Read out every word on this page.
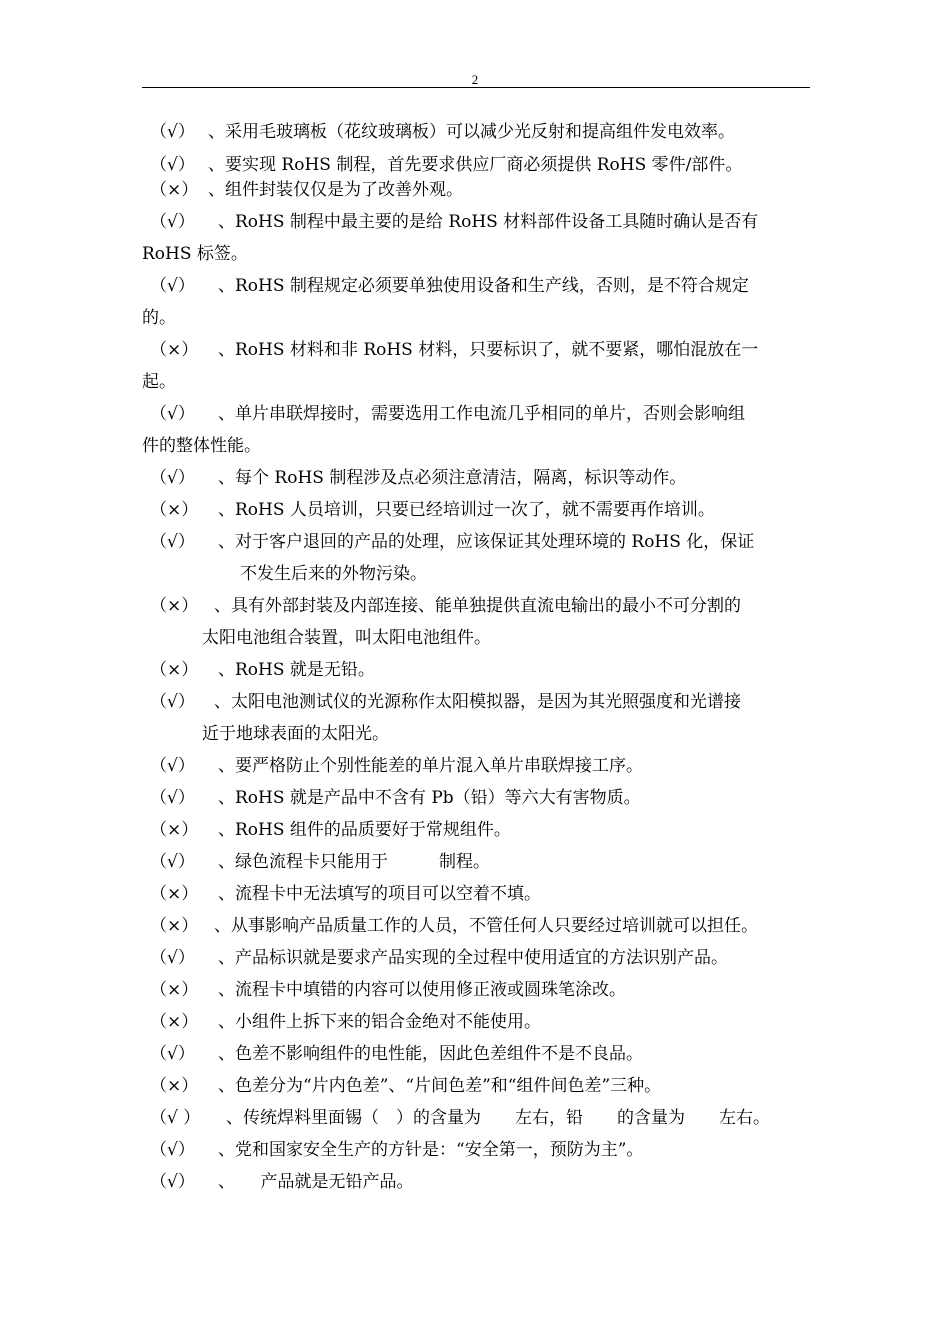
2
（√） 、采用毛玻璃板（花纹玻璃板）可以减少光反射和提高组件发电效率。
（√） 、要实现 RoHS 制程，首先要求供应厂商必须提供 RoHS 零件/部件。
（×） 、组件封装仅仅是为了改善外观。
（√） 、RoHS 制程中最主要的是给 RoHS 材料部件设备工具随时确认是否有
RoHS 标签。
（√） 、RoHS 制程规定必须要单独使用设备和生产线，否则，是不符合规定
的。
（×） 、RoHS 材料和非 RoHS 材料，只要标识了，就不要紧，哪怕混放在一
起。
（√） 、单片串联焊接时，需要选用工作电流几乎相同的单片，否则会影响组
件的整体性能。
（√） 、每个 RoHS 制程涉及点必须注意清洁，隔离，标识等动作。
（×） 、RoHS 人员培训，只要已经培训过一次了，就不需要再作培训。
（√） 、对于客户退回的产品的处理，应该保证其处理环境的 RoHS 化，保证
不发生后来的外物污染。
（×） 、具有外部封装及内部连接、能单独提供直流电输出的最小不可分割的
太阳电池组合装置，叫太阳电池组件。
（×） 、RoHS 就是无铅。
（√） 、太阳电池测试仪的光源称作太阳模拟器，是因为其光照强度和光谱接
近于地球表面的太阳光。
（√） 、要严格防止个别性能差的单片混入单片串联焊接工序。
（√） 、RoHS 就是产品中不含有 Pb（铅）等六大有害物质。
（×） 、RoHS 组件的品质要好于常规组件。
（√） 、绿色流程卡只能用于　　　制程。
（×） 、流程卡中无法填写的项目可以空着不填。
（×） 、从事影响产品质量工作的人员，不管任何人只要经过培训就可以担任。
（√） 、产品标识就是要求产品实现的全过程中使用适宜的方法识别产品。
（×） 、流程卡中填错的内容可以使用修正液或圆珠笔涂改。
（×） 、小组件上拆下来的铝合金绝对不能使用。
（√） 、色差不影响组件的电性能，因此色差组件不是不良品。
（×） 、色差分为“片内色差”、“片间色差”和“组件间色差”三种。
（√ ） 、传统焊料里面锡（　）的含量为　　左右，铅　　的含量为　　左右。
（√） 、党和国家安全生产的方针是：“安全第一，预防为主”。
（√） 、　　产品就是无铅产品。
